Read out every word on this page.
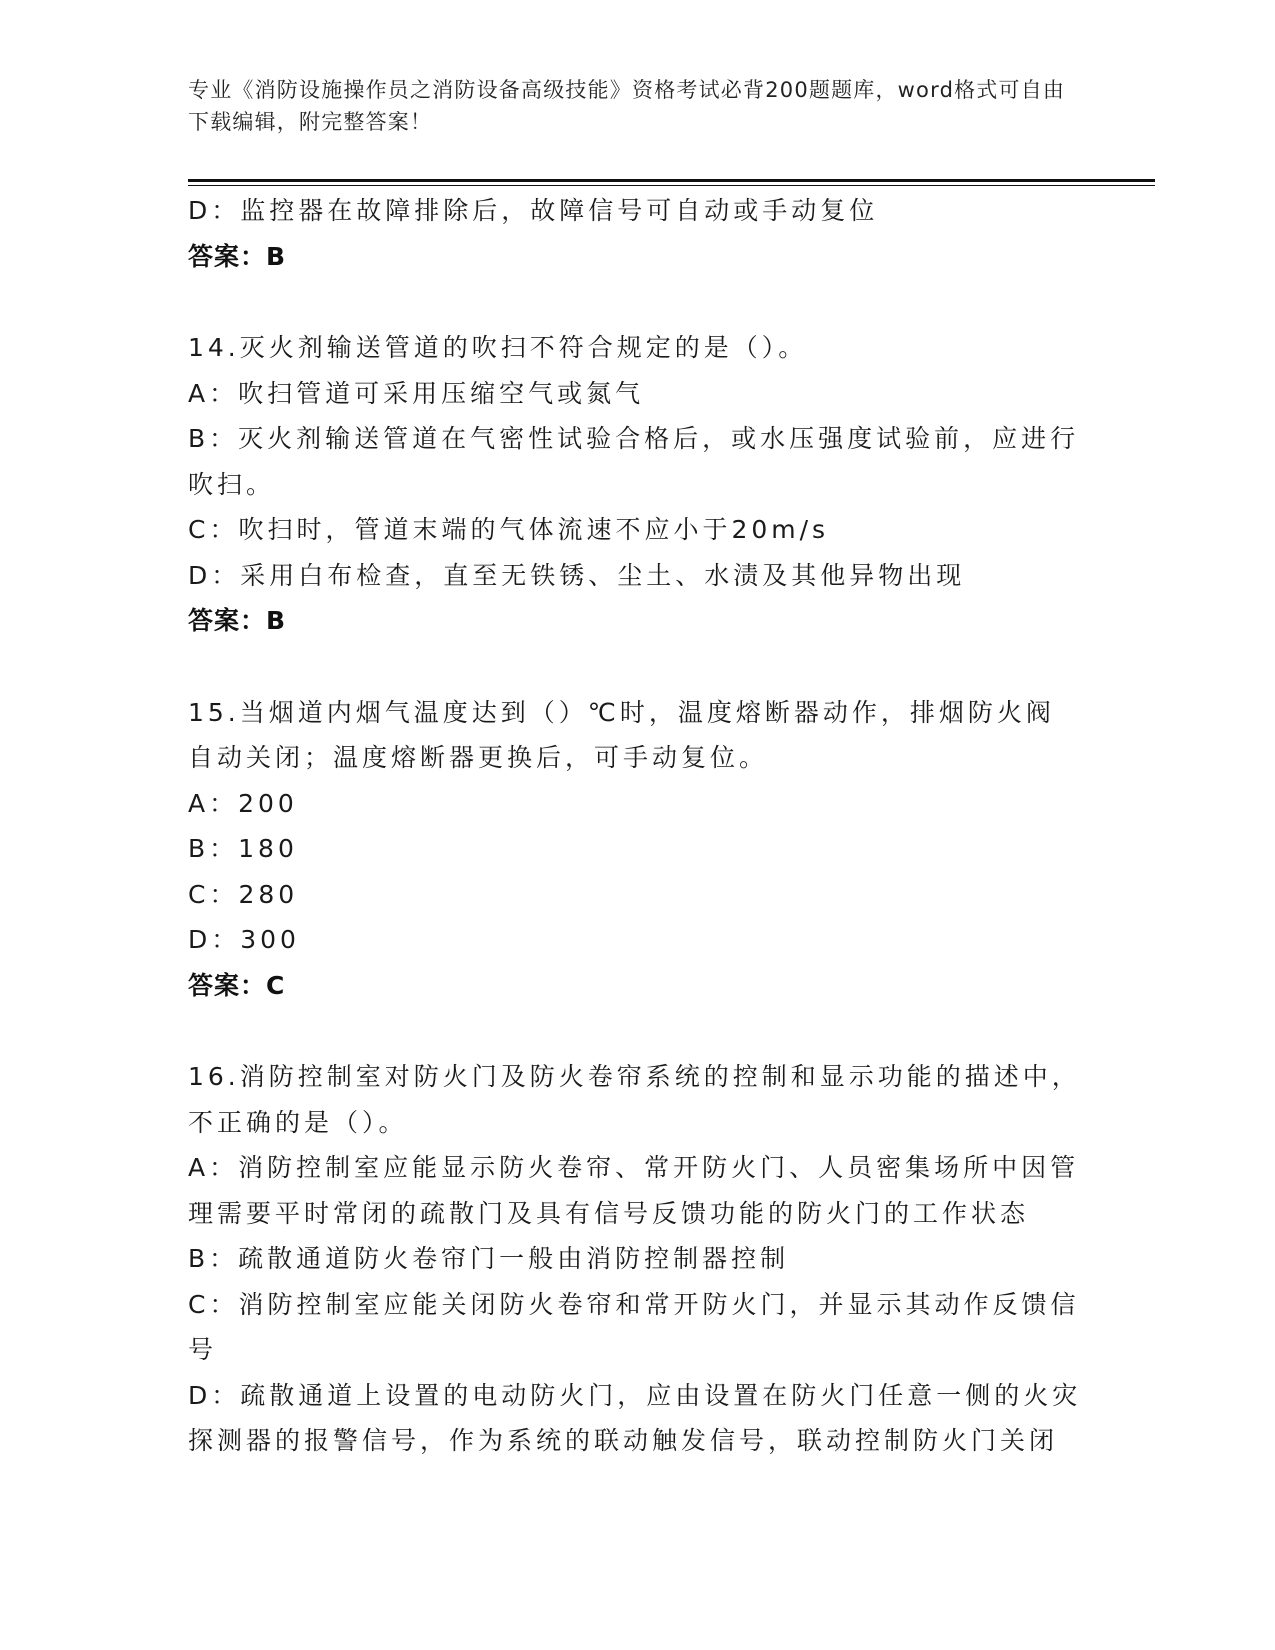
专业《消防设施操作员之消防设备高级技能》资格考试必背200题题库，word格式可自由下载编辑，附完整答案！
D：监控器在故障排除后，故障信号可自动或手动复位
答案：B
14.灭火剂输送管道的吹扫不符合规定的是（）。
A：吹扫管道可采用压缩空气或氮气
B：灭火剂输送管道在气密性试验合格后，或水压强度试验前，应进行吹扫。
C：吹扫时，管道末端的气体流速不应小于20m/s
D：采用白布检查，直至无铁锈、尘土、水渍及其他异物出现
答案：B
15.当烟道内烟气温度达到（）℃时，温度熔断器动作，排烟防火阀自动关闭；温度熔断器更换后，可手动复位。
A：200
B：180
C：280
D：300
答案：C
16.消防控制室对防火门及防火卷帘系统的控制和显示功能的描述中，不正确的是（）。
A：消防控制室应能显示防火卷帘、常开防火门、人员密集场所中因管理需要平时常闭的疏散门及具有信号反馈功能的防火门的工作状态
B：疏散通道防火卷帘门一般由消防控制器控制
C：消防控制室应能关闭防火卷帘和常开防火门，并显示其动作反馈信号
D：疏散通道上设置的电动防火门，应由设置在防火门任意一侧的火灾探测器的报警信号，作为系统的联动触发信号，联动控制防火门关闭
